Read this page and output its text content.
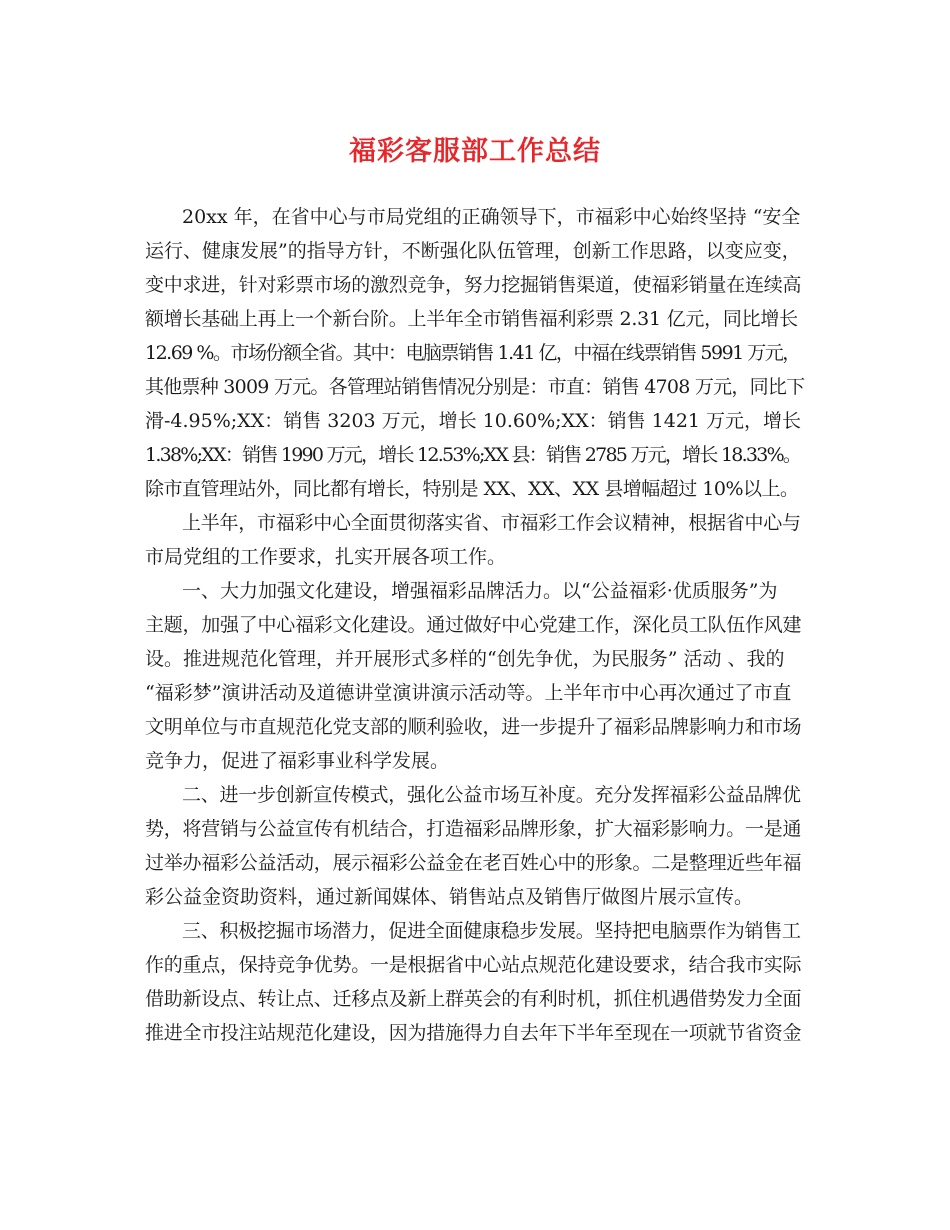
福彩客服部工作总结
20xx 年，在省中心与市局党组的正确领导下，市福彩中心始终坚持 “安全
运行、健康发展”的指导方针，不断强化队伍管理，创新工作思路，以变应变，
变中求进，针对彩票市场的激烈竞争，努力挖掘销售渠道，使福彩销量在连续高
额增长基础上再上一个新台阶。上半年全市销售福利彩票 2.31 亿元，同比增长
12.69 %。市场份额全省。其中：电脑票销售 1.41 亿，中福在线票销售 5991 万元，
其他票种 3009 万元。各管理站销售情况分别是：市直：销售 4708 万元，同比下
滑-4.95%;XX：销售 3203 万元，增长 10.60%;XX：销售 1421 万元，增长
1.38%;XX：销售 1990 万元，增长 12.53%;XX 县：销售 2785 万元，增长 18.33%。
除市直管理站外，同比都有增长，特别是 XX、XX、XX 县增幅超过 10%以上。
上半年，市福彩中心全面贯彻落实省、市福彩工作会议精神，根据省中心与
市局党组的工作要求，扎实开展各项工作。
一、大力加强文化建设，增强福彩品牌活力。以“公益福彩·优质服务”为
主题，加强了中心福彩文化建设。通过做好中心党建工作，深化员工队伍作风建
设。推进规范化管理，并开展形式多样的“创先争优，为民服务” 活动 、我的
“福彩梦”演讲活动及道德讲堂演讲演示活动等。上半年市中心再次通过了市直
文明单位与市直规范化党支部的顺利验收，进一步提升了福彩品牌影响力和市场
竞争力，促进了福彩事业科学发展。
二、进一步创新宣传模式，强化公益市场互补度。充分发挥福彩公益品牌优
势，将营销与公益宣传有机结合，打造福彩品牌形象，扩大福彩影响力。一是通
过举办福彩公益活动，展示福彩公益金在老百姓心中的形象。二是整理近些年福
彩公益金资助资料，通过新闻媒体、销售站点及销售厅做图片展示宣传。
三、积极挖掘市场潜力，促进全面健康稳步发展。坚持把电脑票作为销售工
作的重点，保持竞争优势。一是根据省中心站点规范化建设要求，结合我市实际
借助新设点、转让点、迁移点及新上群英会的有利时机，抓住机遇借势发力全面
推进全市投注站规范化建设，因为措施得力自去年下半年至现在一项就节省资金
